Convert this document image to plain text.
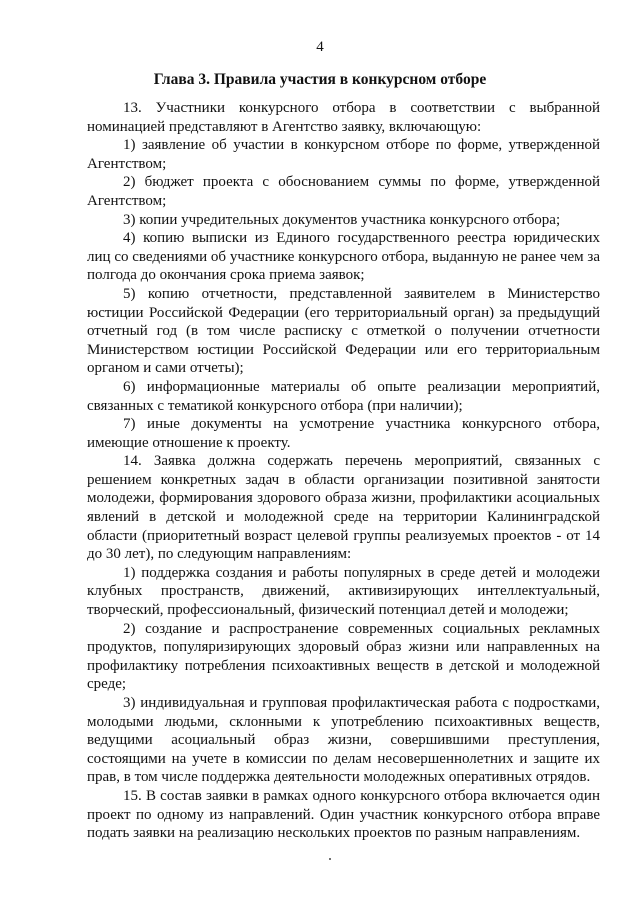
4
Глава 3. Правила участия в конкурсном отборе

13. Участники конкурсного отбора в соответствии с выбранной номинацией представляют в Агентство заявку, включающую:

1) заявление об участии в конкурсном отборе по форме, утвержденной Агентством;

2) бюджет проекта с обоснованием суммы по форме, утвержденной Агентством;

3) копии учредительных документов участника конкурсного отбора;

4) копию выписки из Единого государственного реестра юридических лиц со сведениями об участнике конкурсного отбора, выданную не ранее чем за полгода до окончания срока приема заявок;

5) копию отчетности, представленной заявителем в Министерство юстиции Российской Федерации (его территориальный орган) за предыдущий отчетный год (в том числе расписку с отметкой о получении отчетности Министерством юстиции Российской Федерации или его территориальным органом и сами отчеты);

6) информационные материалы об опыте реализации мероприятий, связанных с тематикой конкурсного отбора (при наличии);

7) иные документы на усмотрение участника конкурсного отбора, имеющие отношение к проекту.

14. Заявка должна содержать перечень мероприятий, связанных с решением конкретных задач в области организации позитивной занятости молодежи, формирования здорового образа жизни, профилактики асоциальных явлений в детской и молодежной среде на территории Калининградской области (приоритетный возраст целевой группы реализуемых проектов - от 14 до 30 лет), по следующим направлениям:

1) поддержка создания и работы популярных в среде детей и молодежи клубных пространств, движений, активизирующих интеллектуальный, творческий, профессиональный, физический потенциал детей и молодежи;

2) создание и распространение современных социальных рекламных продуктов, популяризирующих здоровый образ жизни или направленных на профилактику потребления психоактивных веществ в детской и молодежной среде;

3) индивидуальная и групповая профилактическая работа с подростками, молодыми людьми, склонными к употреблению психоактивных веществ, ведущими асоциальный образ жизни, совершившими преступления, состоящими на учете в комиссии по делам несовершеннолетних и защите их прав, в том числе поддержка деятельности молодежных оперативных отрядов.

15. В состав заявки в рамках одного конкурсного отбора включается один проект по одному из направлений. Один участник конкурсного отбора вправе подать заявки на реализацию нескольких проектов по разным направлениям.
